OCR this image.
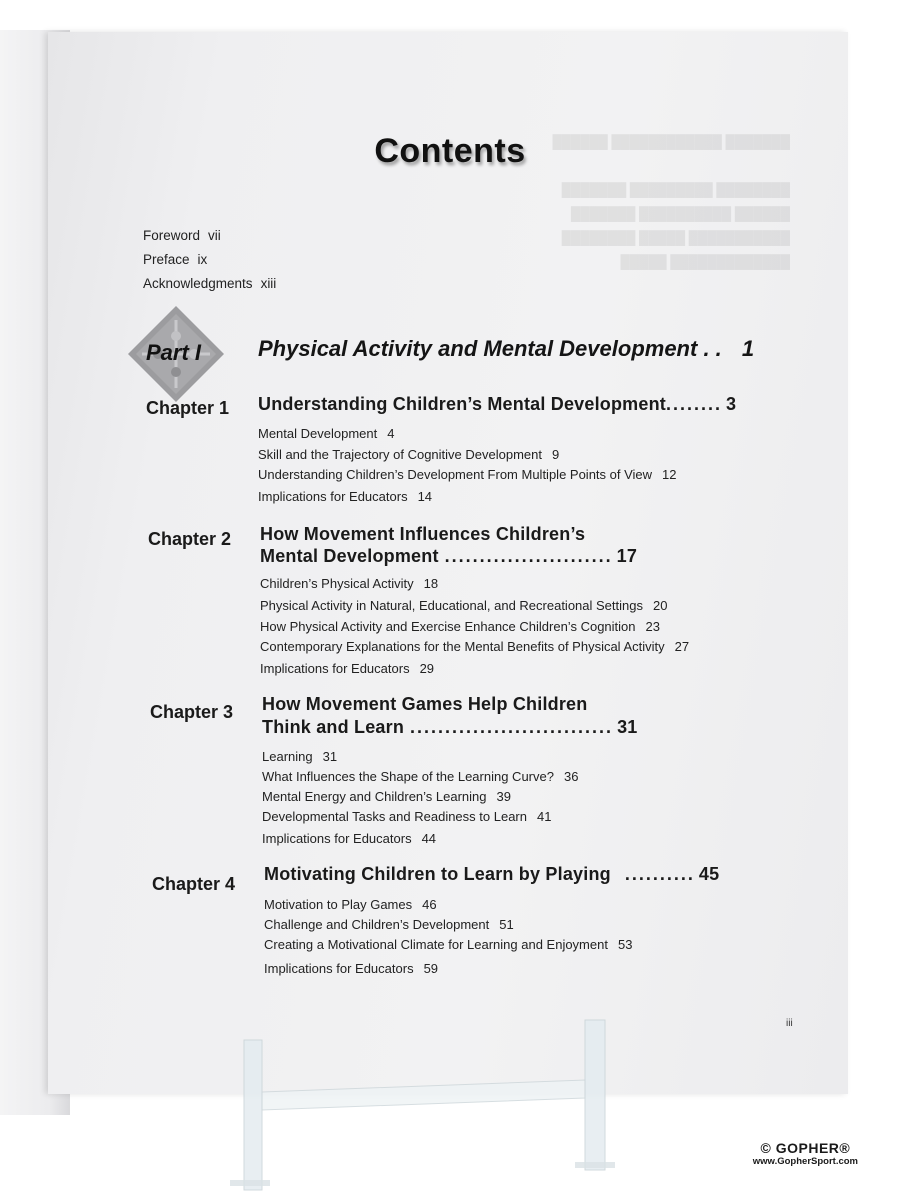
Contents
Foreword vii
Preface ix
Acknowledgments xiii
Part I	Physical Activity and Mental Development . . 1
Chapter 1 Understanding Children’s Mental Development........ 3
Mental Development 4
Skill and the Trajectory of Cognitive Development 9
Understanding Children’s Development From Multiple Points of View 12
Implications for Educators 14
Chapter 2 How Movement Influences Children’s
Mental Development ........................ 17
Children’s Physical Activity 18
Physical Activity in Natural, Educational, and Recreational Settings 20
How Physical Activity and Exercise Enhance Children’s Cognition 23
Contemporary Explanations for the Mental Benefits of Physical Activity 27
Implications for Educators 29
Chapter 3 How Movement Games Help Children
Think and Learn ............................. 31
Learning 31
What Influences the Shape of the Learning Curve? 36
Mental Energy and Children’s Learning 39
Developmental Tasks and Readiness to Learn 41
Implications for Educators 44
Chapter 4 Motivating Children to Learn by Playing .......... 45
Motivation to Play Games 46
Challenge and Children’s Development 51
Creating a Motivational Climate for Learning and Enjoyment 53
Implications for Educators 59
iii
© GOPHER®
www.GopherSport.com
